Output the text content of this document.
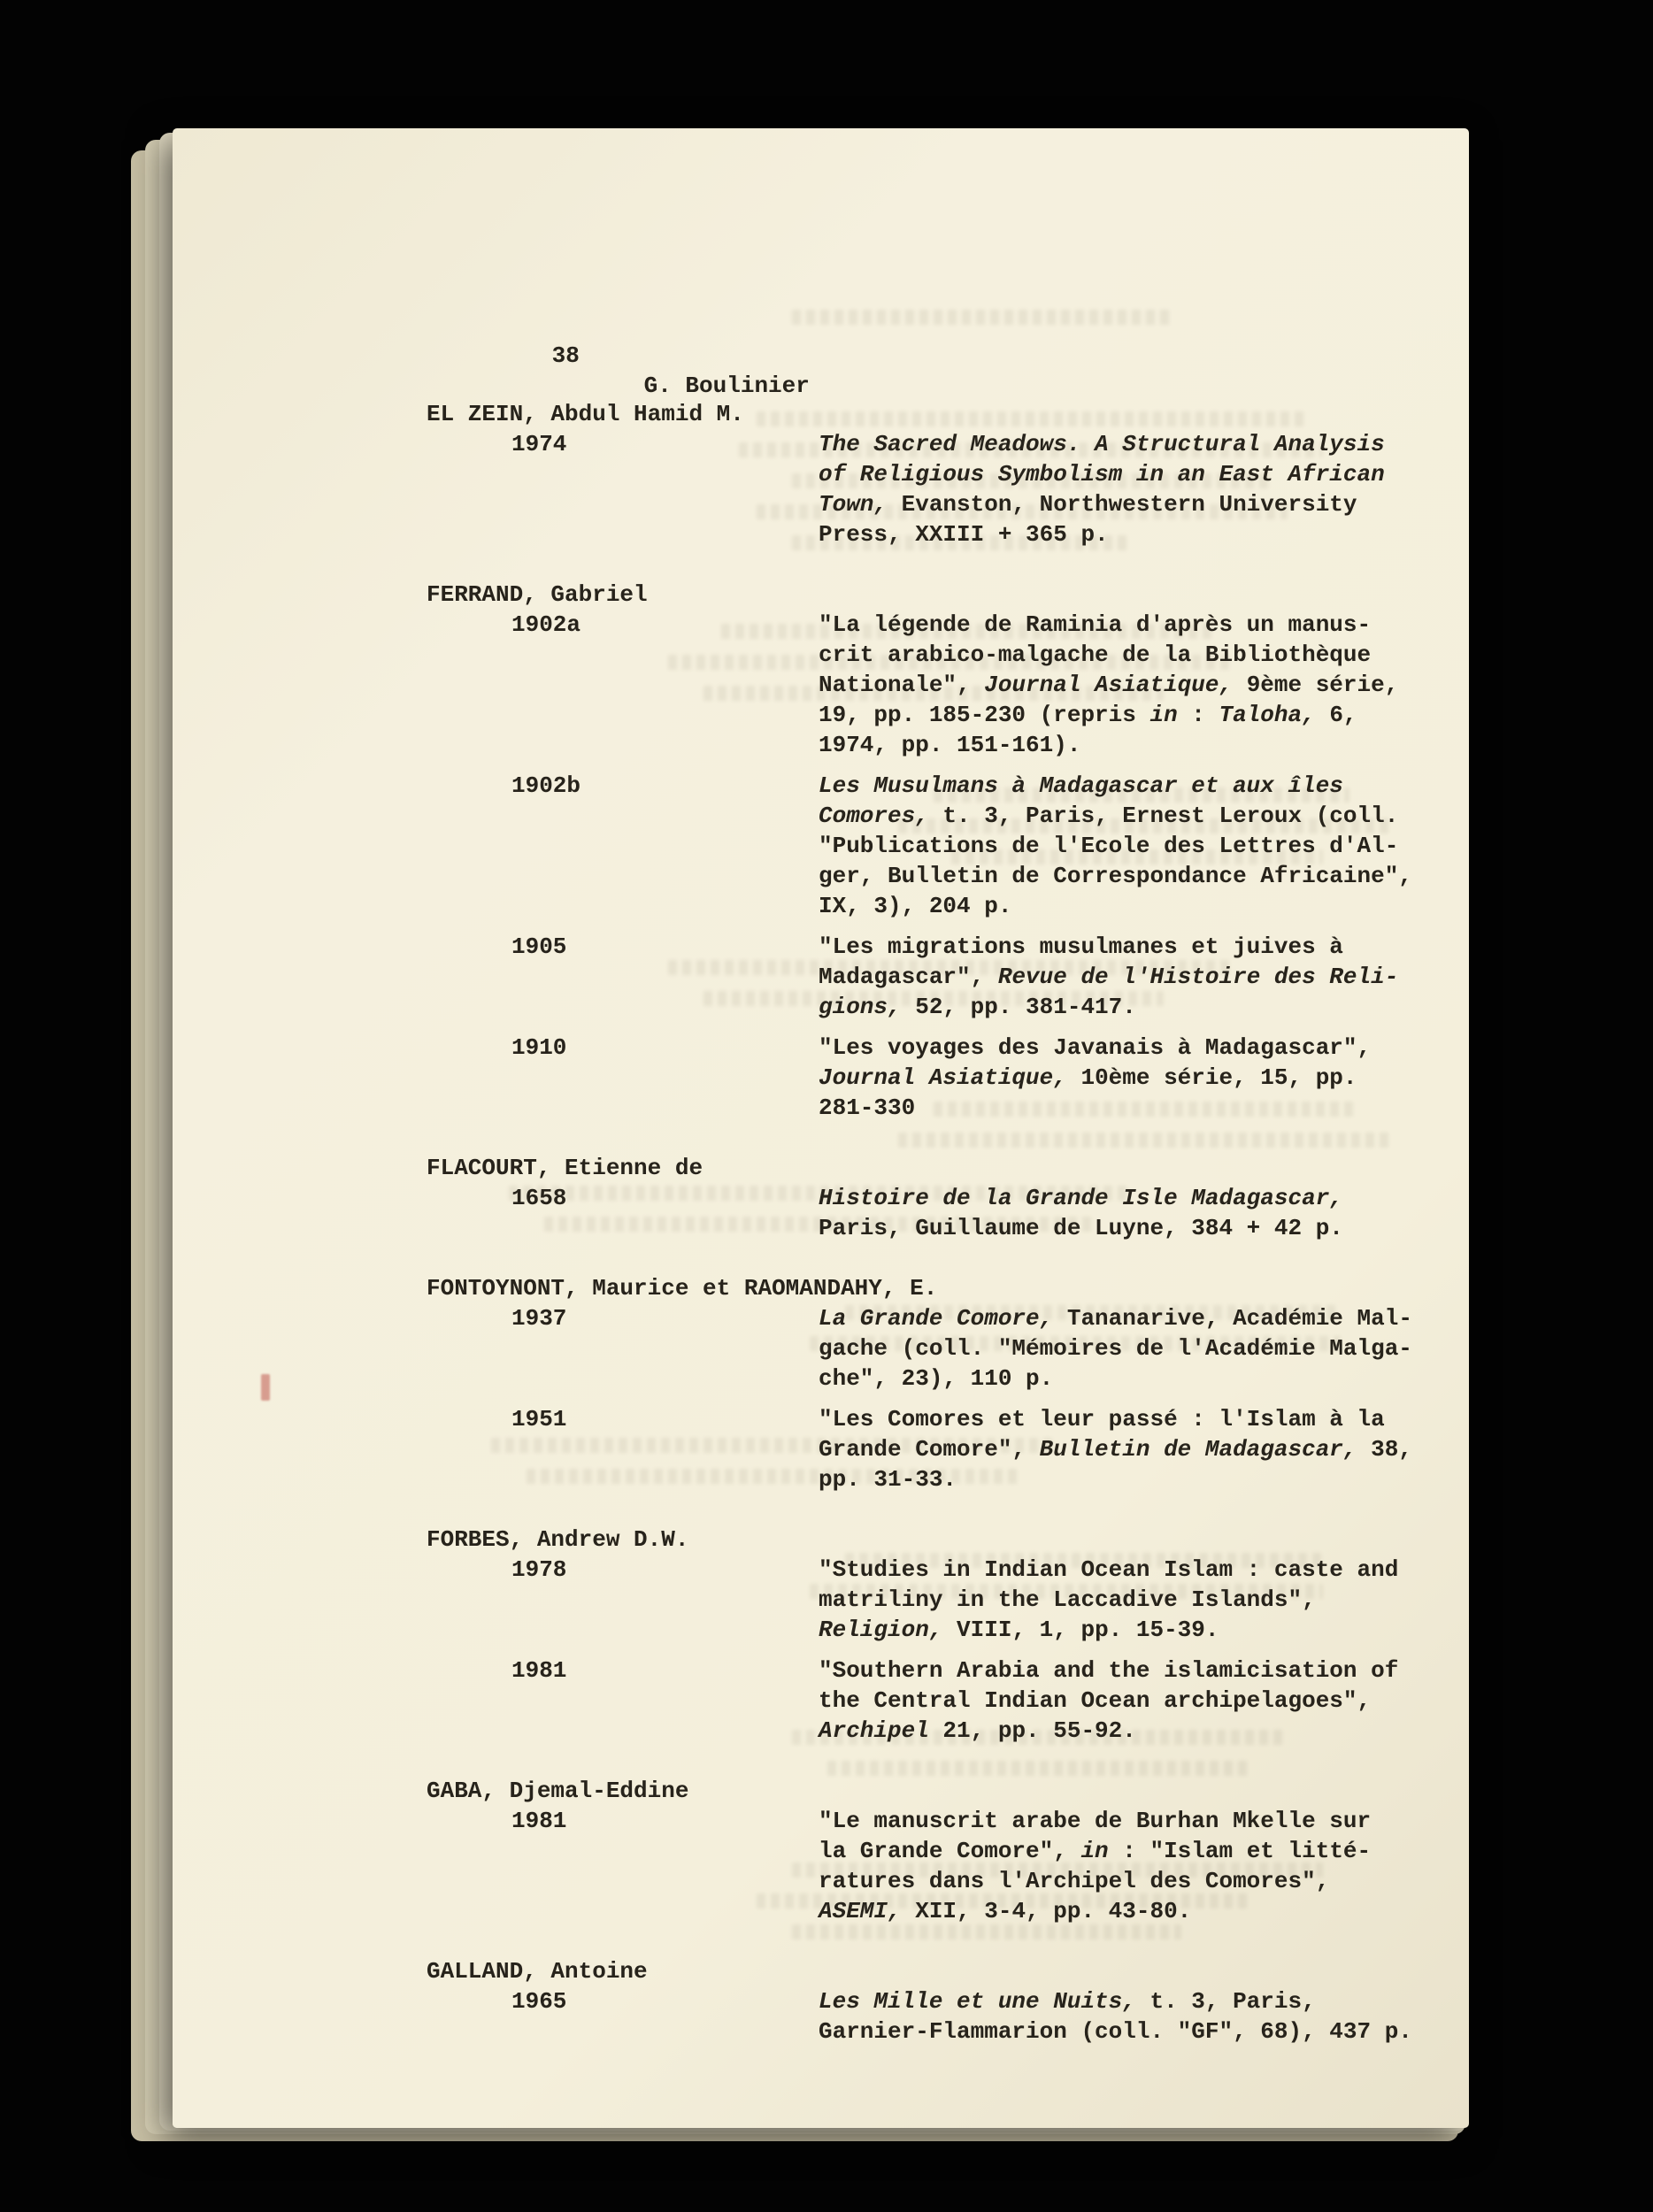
38
G. Boulinier

EL ZEIN, Abdul Hamid M.
1974	The Sacred Meadows. A Structural Analysis
of Religious Symbolism in an East African
Town, Evanston, Northwestern University
Press, XXIII + 365 p.
FERRAND, Gabriel
1902a	"La légende de Raminia d'après un manus-
crit arabico-malgache de la Bibliothèque
Nationale", Journal Asiatique, 9ème série,
19, pp. 185-230 (repris in : Taloha, 6,
1974, pp. 151-161).
1902b	Les Musulmans à Madagascar et aux îles
Comores, t. 3, Paris, Ernest Leroux (coll.
"Publications de l'Ecole des Lettres d'Al-
ger, Bulletin de Correspondance Africaine",
IX, 3), 204 p.
1905	"Les migrations musulmanes et juives à
Madagascar", Revue de l'Histoire des Reli-
gions, 52, pp. 381-417.
1910	"Les voyages des Javanais à Madagascar",
Journal Asiatique, 10ème série, 15, pp.
281-330
FLACOURT, Etienne de
1658	Histoire de la Grande Isle Madagascar,
Paris, Guillaume de Luyne, 384 + 42 p.
FONTOYNONT, Maurice et RAOMANDAHY, E.
1937	La Grande Comore, Tananarive, Académie Mal-
gache (coll. "Mémoires de l'Académie Malga-
che", 23), 110 p.
1951	"Les Comores et leur passé : l'Islam à la
Grande Comore", Bulletin de Madagascar, 38,
pp. 31-33.
FORBES, Andrew D.W.
1978	"Studies in Indian Ocean Islam : caste and
matriliny in the Laccadive Islands",
Religion, VIII, 1, pp. 15-39.
1981	"Southern Arabia and the islamicisation of
the Central Indian Ocean archipelagoes",
Archipel 21, pp. 55-92.
GABA, Djemal-Eddine
1981	"Le manuscrit arabe de Burhan Mkelle sur
la Grande Comore", in : "Islam et litté-
ratures dans l'Archipel des Comores",
ASEMI, XII, 3-4, pp. 43-80.
GALLAND, Antoine
1965	Les Mille et une Nuits, t. 3, Paris,
Garnier-Flammarion (coll. "GF", 68), 437 p.
